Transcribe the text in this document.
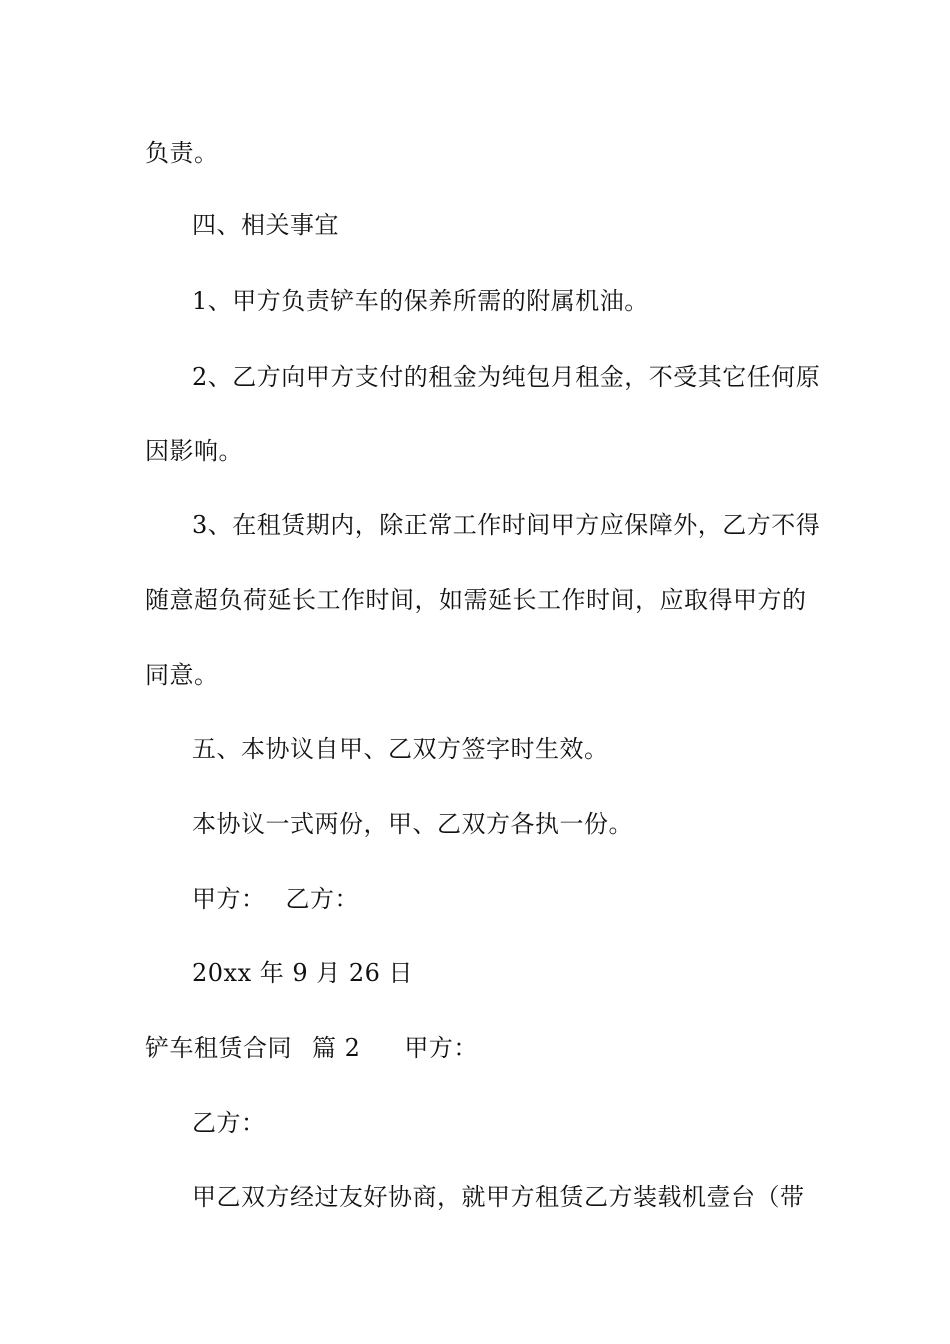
负责。
四、相关事宜
1、甲方负责铲车的保养所需的附属机油。
2、乙方向甲方支付的租金为纯包月租金，不受其它任何原
因影响。
3、在租赁期内，除正常工作时间甲方应保障外，乙方不得
随意超负荷延长工作时间，如需延长工作时间，应取得甲方的
同意。
五、本协议自甲、乙双方签字时生效。
本协议一式两份，甲、乙双方各执一份。
甲方： 乙方：
20xx 年 9 月 26 日
铲车租赁合同 篇 2 甲方：
乙方：
甲乙双方经过友好协商，就甲方租赁乙方装载机壹台（带
